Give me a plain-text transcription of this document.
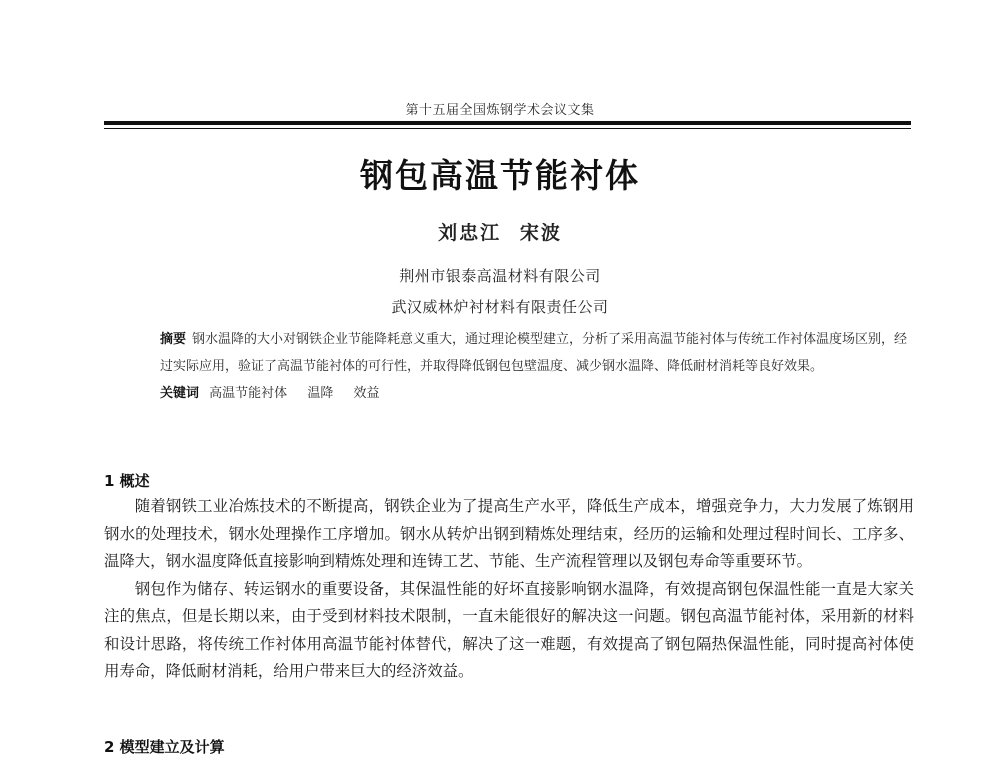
第十五届全国炼钢学术会议文集
钢包高温节能衬体
刘忠江 宋波
荆州市银泰高温材料有限公司
武汉威林炉衬材料有限责任公司

摘要 钢水温降的大小对钢铁企业节能降耗意义重大，通过理论模型建立，分析了采用高温节能衬体与传统工作衬体温度场区别，经过实际应用，验证了高温节能衬体的可行性，并取得降低钢包包壁温度、减少钢水温降、降低耐材消耗等良好效果。

关键词 高温节能衬体 温降 效益

1 概述

随着钢铁工业冶炼技术的不断提高，钢铁企业为了提高生产水平，降低生产成本，增强竞争力，大力发展了炼钢用钢水的处理技术，钢水处理操作工序增加。钢水从转炉出钢到精炼处理结束，经历的运输和处理过程时间长、工序多、温降大，钢水温度降低直接影响到精炼处理和连铸工艺、节能、生产流程管理以及钢包寿命等重要环节。

钢包作为储存、转运钢水的重要设备，其保温性能的好坏直接影响钢水温降，有效提高钢包保温性能一直是大家关注的焦点，但是长期以来，由于受到材料技术限制，一直未能很好的解决这一问题。钢包高温节能衬体，采用新的材料和设计思路，将传统工作衬体用高温节能衬体替代，解决了这一难题，有效提高了钢包隔热保温性能，同时提高衬体使用寿命，降低耐材消耗，给用户带来巨大的经济效益。

2 模型建立及计算
